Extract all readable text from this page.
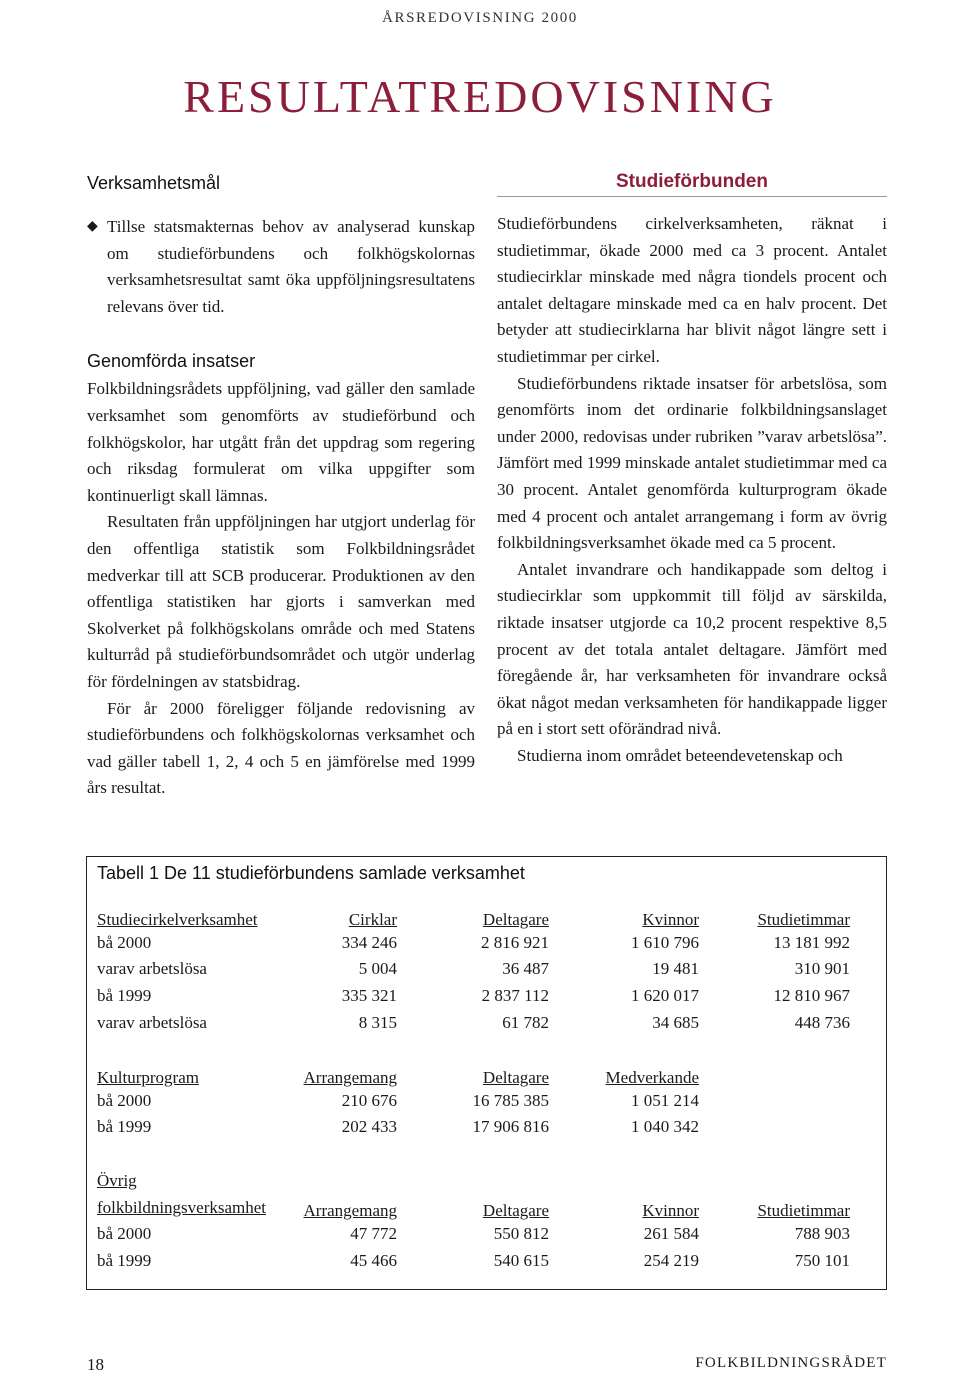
ÅRSREDOVISNING 2000
RESULTATREDOVISNING
Verksamhetsmål
◆ Tillse statsmakternas behov av analyserad kunskap om studieförbundens och folkhögskolornas verksamhetsresultat samt öka uppföljningsresultatens relevans över tid.

Genomförda insatser

Folkbildningsrådets uppföljning, vad gäller den samlade verksamhet som genomförts av studieförbund och folkhögskolor, har utgått från det uppdrag som regering och riksdag formulerat om vilka uppgifter som kontinuerligt skall lämnas.

Resultaten från uppföljningen har utgjort underlag för den offentliga statistik som Folkbildningsrådet medverkar till att SCB producerar. Produktionen av den offentliga statistiken har gjorts i samverkan med Skolverket på folkhögskolans område och med Statens kulturråd på studieförbundsområdet och utgör underlag för fördelningen av statsbidrag.

För år 2000 föreligger följande redovisning av studieförbundens och folkhögskolornas verksamhet och vad gäller tabell 1, 2, 4 och 5 en jämförelse med 1999 års resultat.

Studieförbunden

Studieförbundens cirkelverksamheten, räknat i studietimmar, ökade 2000 med ca 3 procent. Antalet studiecirklar minskade med några tiondels procent och antalet deltagare minskade med ca en halv procent. Det betyder att studiecirklarna har blivit något längre sett i studietimmar per cirkel.

Studieförbundens riktade insatser för arbetslösa, som genomförts inom det ordinarie folkbildningsanslaget under 2000, redovisas under rubriken ”varav arbetslösa”. Jämfört med 1999 minskade antalet studietimmar med ca 30 procent. Antalet genomförda kulturprogram ökade med 4 procent och antalet arrangemang i form av övrig folkbildningsverksamhet ökade med ca 5 procent.

Antalet invandrare och handikappade som deltog i studiecirklar som uppkommit till följd av särskilda, riktade insatser utgjorde ca 10,2 procent respektive 8,5 procent av det totala antalet deltagare. Jämfört med föregående år, har verksamheten för invandrare också ökat något medan verksamheten för handikappade ligger på en i stort sett oförändrad nivå.

Studierna inom området beteendevetenskap och

Tabell 1 De 11 studieförbundens samlade verksamhet
Studiecirkelverksamhet	Cirklar	Deltagare	Kvinnor	Studietimmar
bå 2000	334 246	2 816 921	1 610 796	13 181 992
varav arbetslösa	5 004	36 487	19 481	310 901
bå 1999	335 321	2 837 112	1 620 017	12 810 967
varav arbetslösa	8 315	61 782	34 685	448 736
Kulturprogram	Arrangemang	Deltagare	Medverkande	
bå 2000	210 676	16 785 385	1 051 214	
bå 1999	202 433	17 906 816	1 040 342	
Övrig
folkbildningsverksamhet	Arrangemang	Deltagare	Kvinnor	Studietimmar
bå 2000	47 772	550 812	261 584	788 903
bå 1999	45 466	540 615	254 219	750 101
18	FOLKBILDNINGSRÅDET
